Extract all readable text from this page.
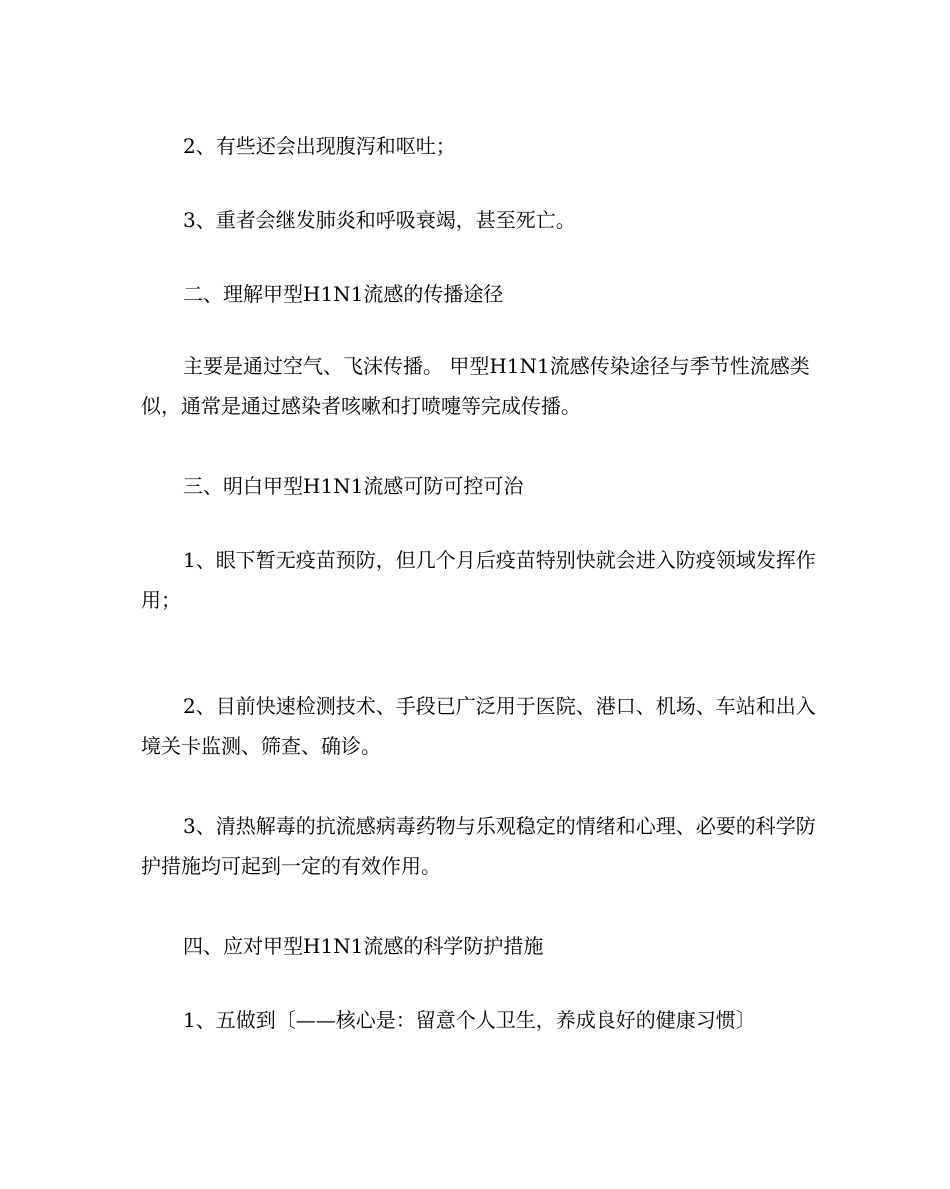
2、有些还会出现腹泻和呕吐；

3、重者会继发肺炎和呼吸衰竭，甚至死亡。

二、理解甲型H1N1流感的传播途径

主要是通过空气、飞沫传播。 甲型H1N1流感传染途径与季节性流感类似，通常是通过感染者咳嗽和打喷嚏等完成传播。

三、明白甲型H1N1流感可防可控可治

1、眼下暂无疫苗预防，但几个月后疫苗特别快就会进入防疫领域发挥作用；

2、目前快速检测技术、手段已广泛用于医院、港口、机场、车站和出入境关卡监测、筛查、确诊。

3、清热解毒的抗流感病毒药物与乐观稳定的情绪和心理、必要的科学防护措施均可起到一定的有效作用。

四、应对甲型H1N1流感的科学防护措施

1、五做到〔——核心是：留意个人卫生，养成良好的健康习惯〕
